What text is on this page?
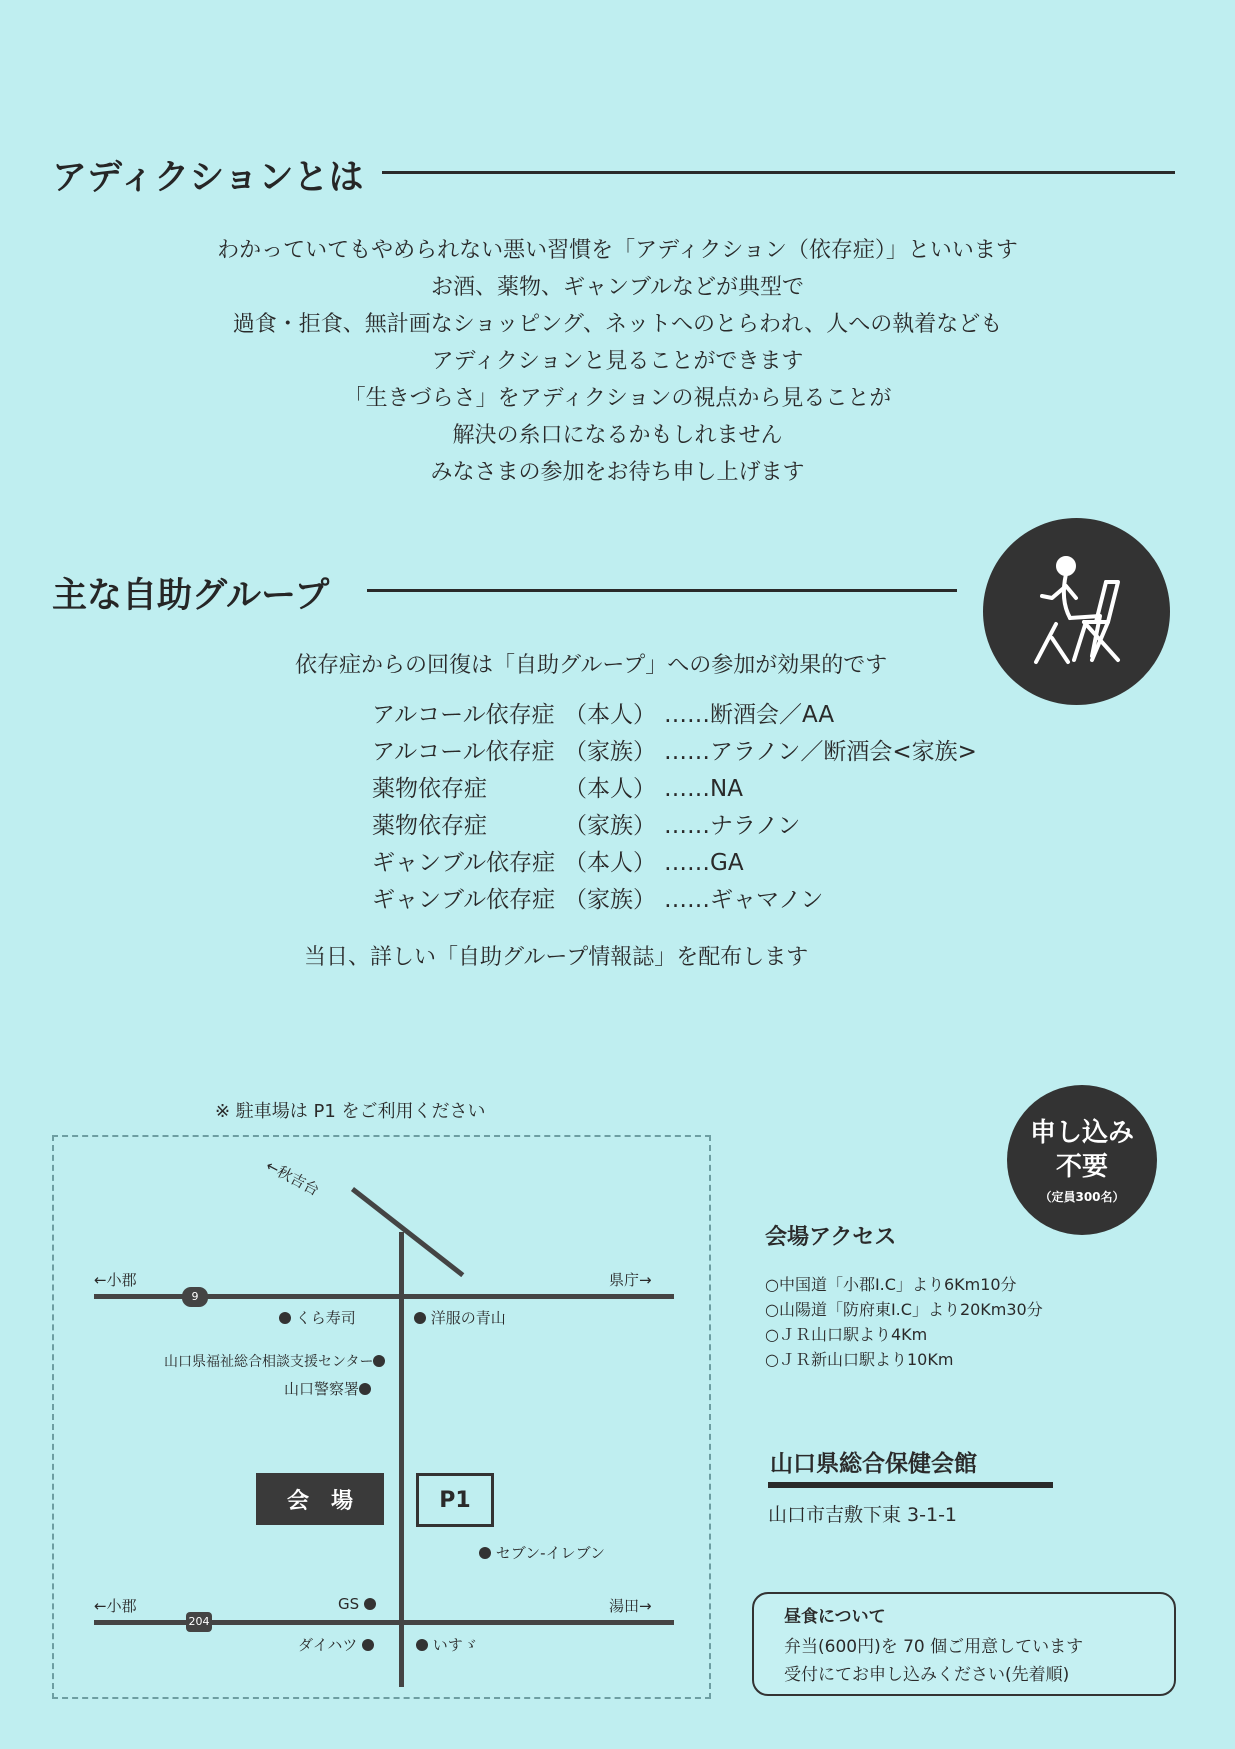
アディクションとは
わかっていてもやめられない悪い習慣を「アディクション（依存症）」といいます
お酒、薬物、ギャンブルなどが典型で
過食・拒食、無計画なショッピング、ネットへのとらわれ、人への執着なども
アディクションと見ることができます
「生きづらさ」をアディクションの視点から見ることが
解決の糸口になるかもしれません
みなさまの参加をお待ち申し上げます
主な自助グループ
依存症からの回復は「自助グループ」への参加が効果的です
アルコール依存症 （本人） …… 断酒会／AA
アルコール依存症 （家族） …… アラノン／断酒会<家族>
薬物依存症	（本人） …… NA
薬物依存症	（家族） …… ナラノン
ギャンブル依存症 （本人） …… GA
ギャンブル依存症 （家族） …… ギャマノン
当日、詳しい「自助グループ情報誌」を配布します
※ 駐車場は P1 をご利用ください
←秋吉台
←小郡	県庁→
9
くら寿司	洋服の青山
山口県福祉総合相談支援センター
山口警察署
会　場	P1
セブン-イレブン
←小郡	湯田→
204
GS
ダイハツ	いすゞ
申し込み
不要
（定員300名）
会場アクセス
○中国道「小郡I.C」より6Km10分
○山陽道「防府東I.C」より20Km30分
○ＪＲ山口駅より4Km
○ＪＲ新山口駅より10Km
山口県総合保健会館
山口市吉敷下東 3-1-1
昼食について
弁当(600円)を 70 個ご用意しています
受付にてお申し込みください(先着順)
